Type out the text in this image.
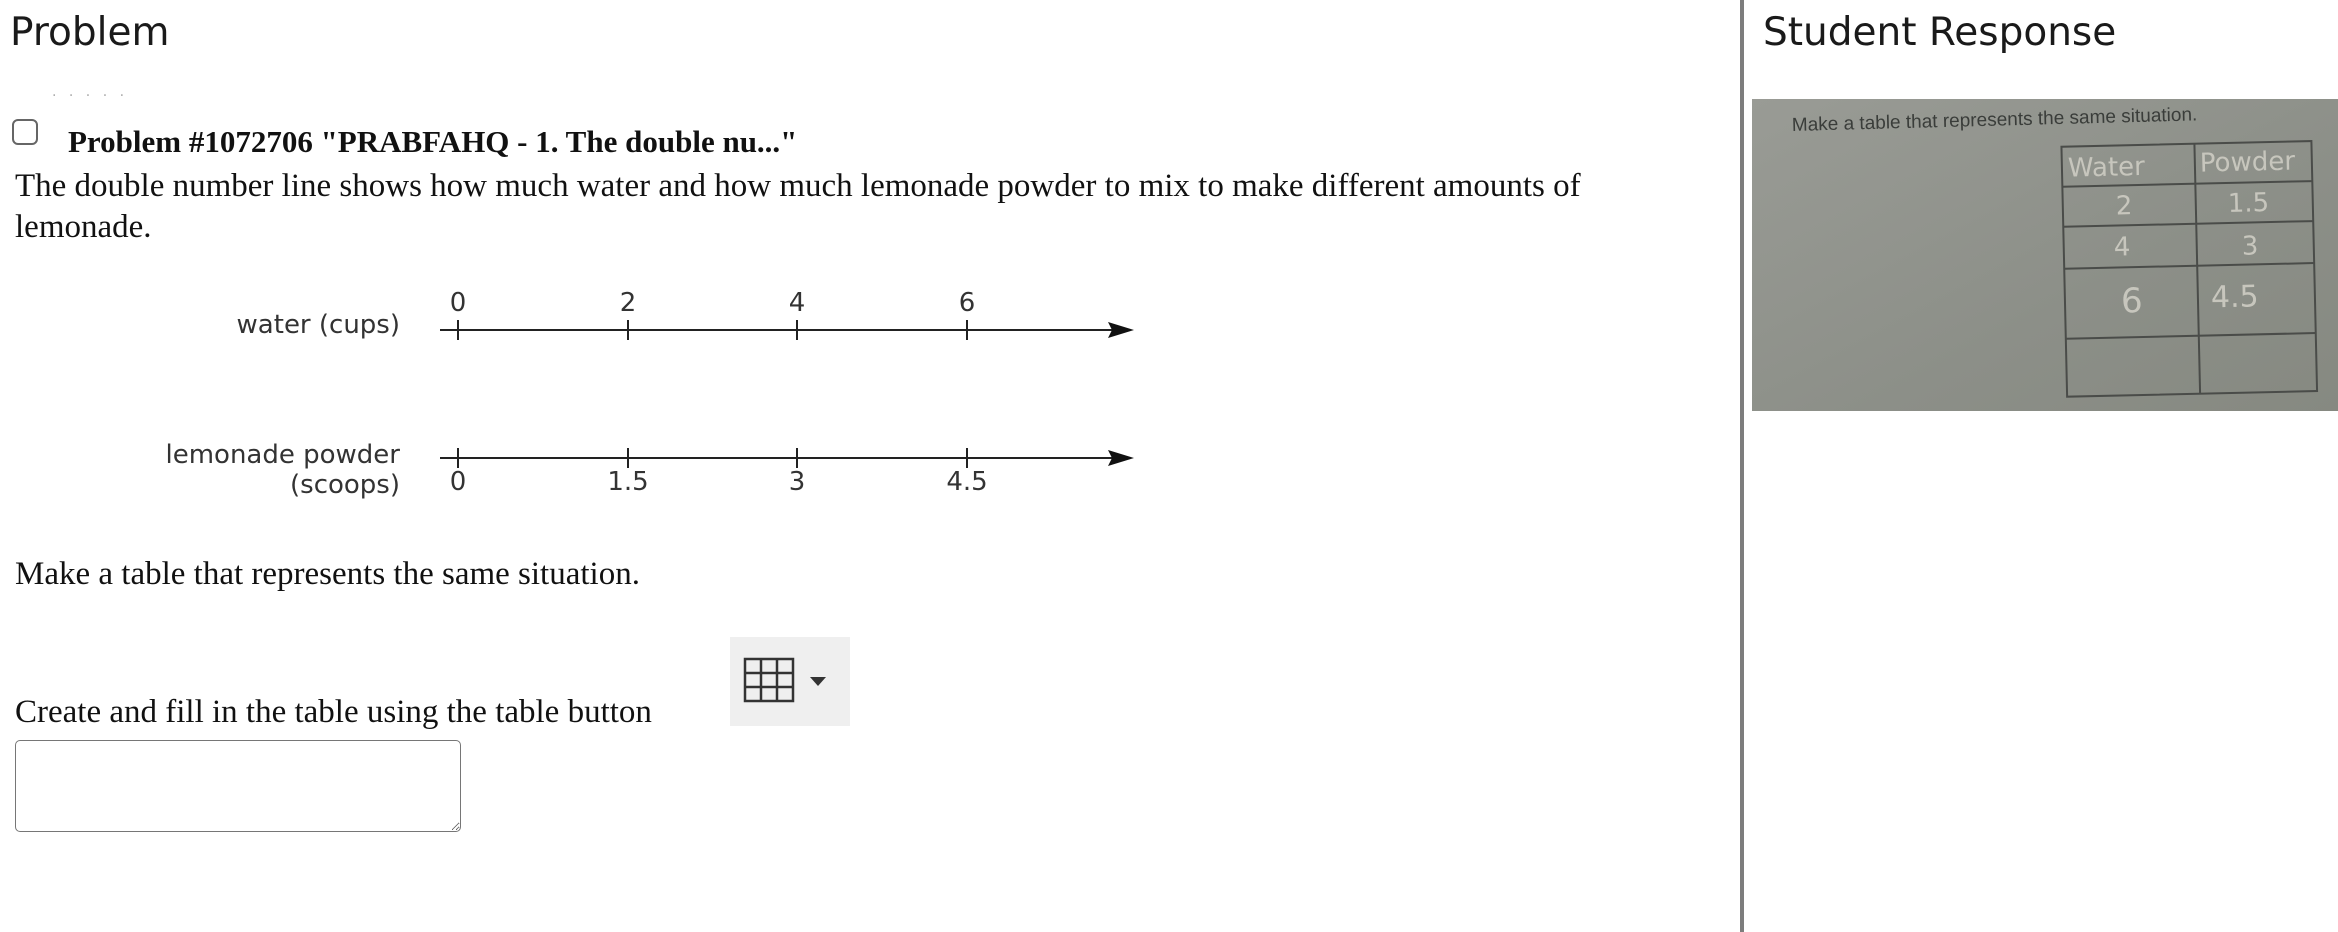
Problem
· · · · ·
Problem #1072706 "PRABFAHQ - 1. The double nu..."
The double number line shows how much water and how much lemonade powder to mix to make different amounts of lemonade.
water (cups)
0	2	4	6
lemonade powder (scoops)	0	1.5	3	4.5
Make a table that represents the same situation.
Create and fill in the table using the table button
Student Response
Make a table that represents the same situation.
Water Powder
2	1.5
4	3
6 4.5
